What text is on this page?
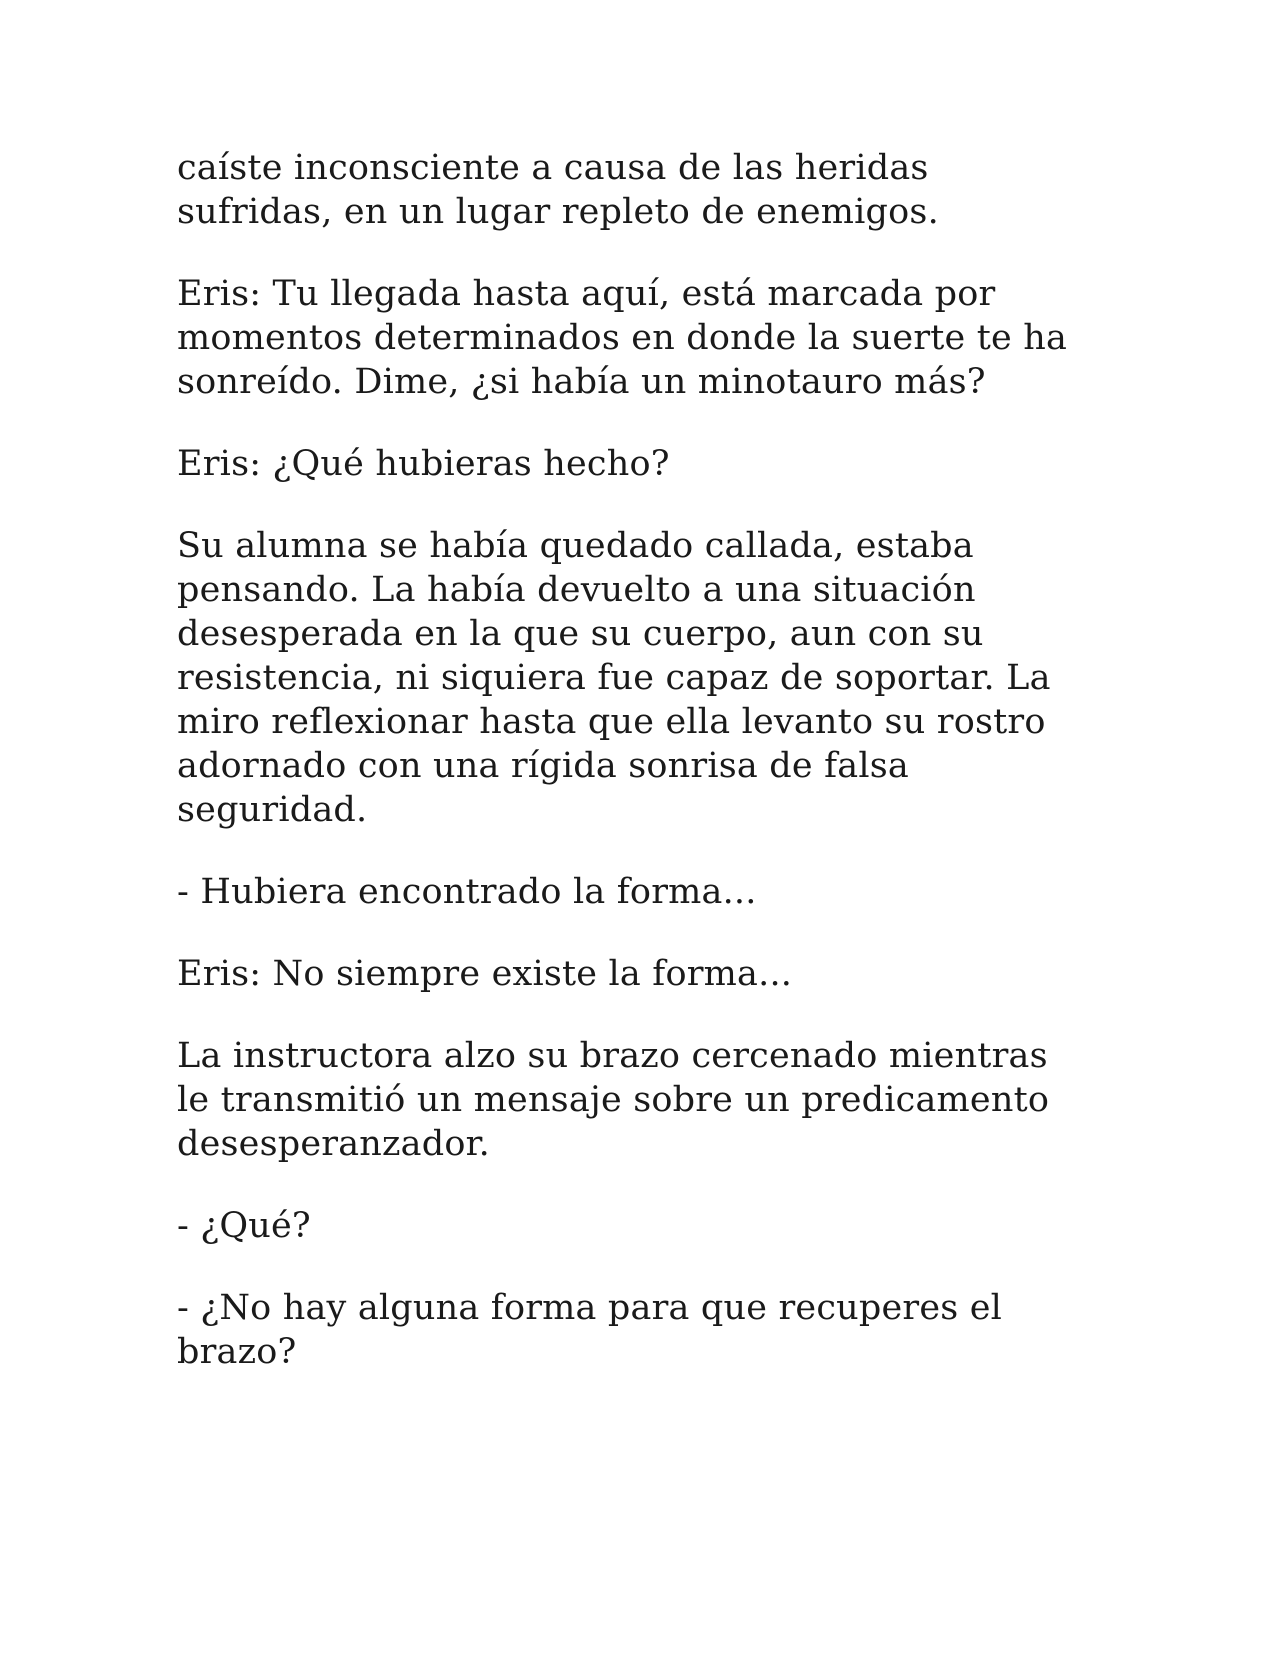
caíste inconsciente a causa de las heridas
sufridas, en un lugar repleto de enemigos.

Eris: Tu llegada hasta aquí, está marcada por
momentos determinados en donde la suerte te ha
sonreído. Dime, ¿si había un minotauro más?

Eris: ¿Qué hubieras hecho?

Su alumna se había quedado callada, estaba
pensando. La había devuelto a una situación
desesperada en la que su cuerpo, aun con su
resistencia, ni siquiera fue capaz de soportar. La
miro reflexionar hasta que ella levanto su rostro
adornado con una rígida sonrisa de falsa
seguridad.

- Hubiera encontrado la forma...

Eris: No siempre existe la forma...

La instructora alzo su brazo cercenado mientras
le transmitió un mensaje sobre un predicamento
desesperanzador.

- ¿Qué?

- ¿No hay alguna forma para que recuperes el
brazo?
